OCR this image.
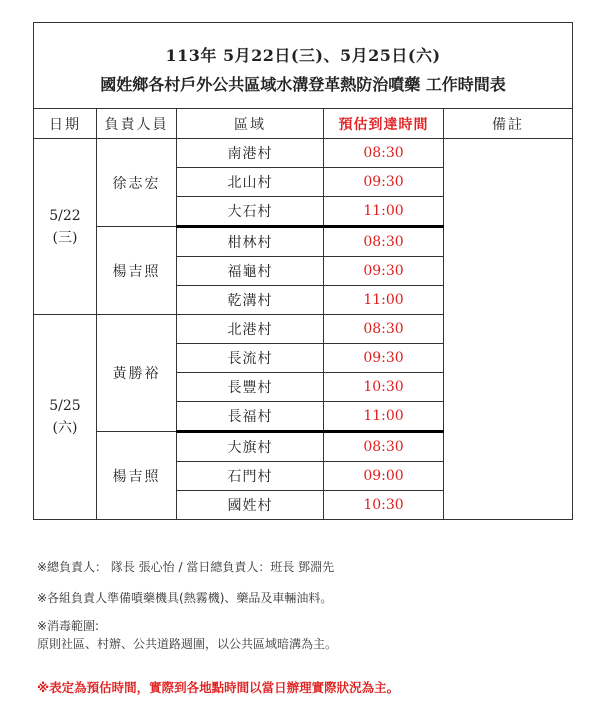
113年 5月22日(三)、5月25日(六)
國姓鄉各村戶外公共區域水溝登革熱防治噴藥 工作時間表				

日期	負責人員	區域	預估到達時間	備註

5/22
(三)	徐志宏	南港村	08:30	
		北山村	09:30	
		大石村	11:00	
	楊吉照	柑林村	08:30	
		福龜村	09:30	
		乾溝村	11:00	

5/25
(六)	黃勝裕	北港村	08:30	
		長流村	09:30	
		長豐村	10:30	
		長福村	11:00	
	楊吉照	大旗村	08:30	
		石門村	09:00	
		國姓村	10:30	
※總負責人： 隊長 張心怡 / 當日總負責人：班長 鄧淵先
※各組負責人準備噴藥機具(熱霧機)、藥品及車輛油料。
※消毒範圍:
原則社區、村辦、公共道路週圍，以公共區域暗溝為主。
※表定為預估時間，實際到各地點時間以當日辦理實際狀況為主。
